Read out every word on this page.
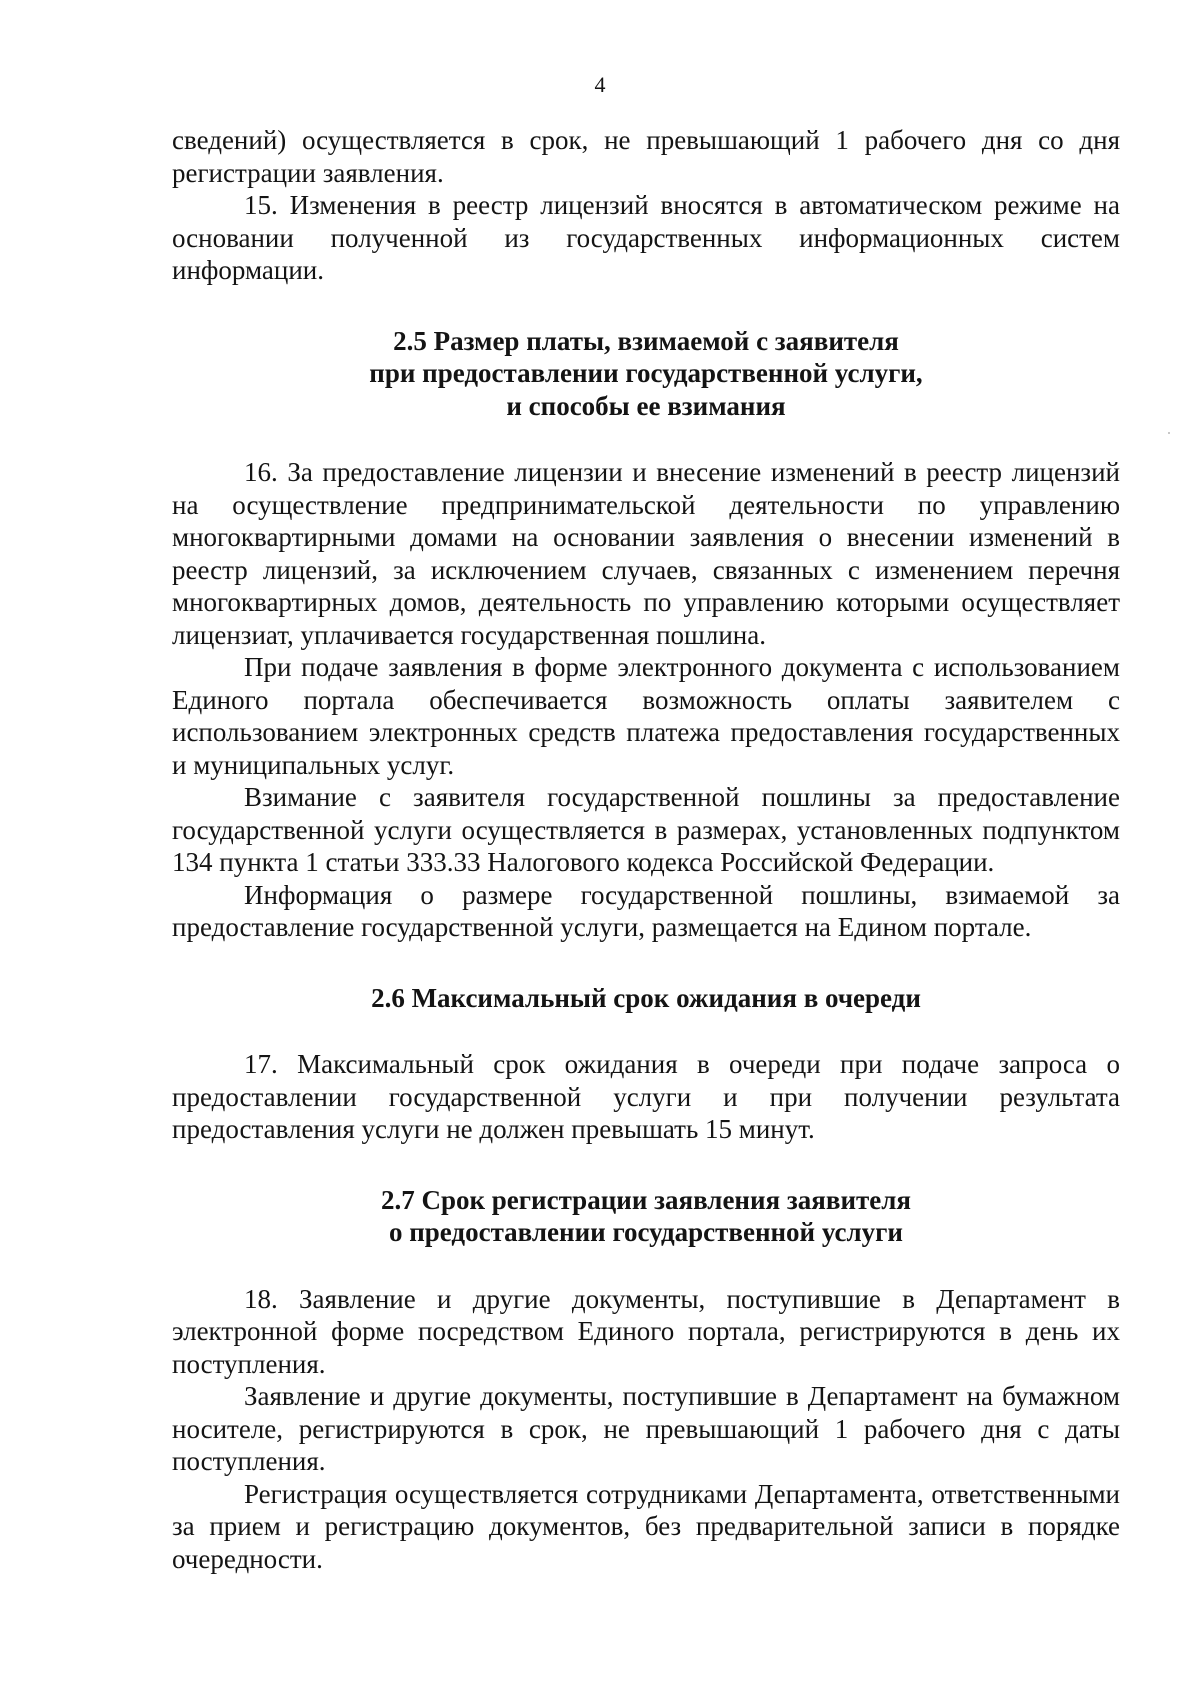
4

сведений) осуществляется в срок, не превышающий 1 рабочего дня со дня регистрации заявления.

15. Изменения в реестр лицензий вносятся в автоматическом режиме на основании полученной из государственных информационных систем информации.

2.5 Размер платы, взимаемой с заявителя
при предоставлении государственной услуги,
и способы ее взимания

16. За предоставление лицензии и внесение изменений в реестр лицензий на осуществление предпринимательской деятельности по управлению многоквартирными домами на основании заявления о внесении изменений в реестр лицензий, за исключением случаев, связанных с изменением перечня многоквартирных домов, деятельность по управлению которыми осуществляет лицензиат, уплачивается государственная пошлина.

При подаче заявления в форме электронного документа с использованием Единого портала обеспечивается возможность оплаты заявителем с использованием электронных средств платежа предоставления государственных и муниципальных услуг.

Взимание с заявителя государственной пошлины за предоставление государственной услуги осуществляется в размерах, установленных подпунктом 134 пункта 1 статьи 333.33 Налогового кодекса Российской Федерации.

Информация о размере государственной пошлины, взимаемой за предоставление государственной услуги, размещается на Едином портале.

2.6 Максимальный срок ожидания в очереди

17. Максимальный срок ожидания в очереди при подаче запроса о предоставлении государственной услуги и при получении результата предоставления услуги не должен превышать 15 минут.

2.7 Срок регистрации заявления заявителя
о предоставлении государственной услуги

18. Заявление и другие документы, поступившие в Департамент в электронной форме посредством Единого портала, регистрируются в день их поступления.

Заявление и другие документы, поступившие в Департамент на бумажном носителе, регистрируются в срок, не превышающий 1 рабочего дня с даты поступления.

Регистрация осуществляется сотрудниками Департамента, ответственными за прием и регистрацию документов, без предварительной записи в порядке очередности.
